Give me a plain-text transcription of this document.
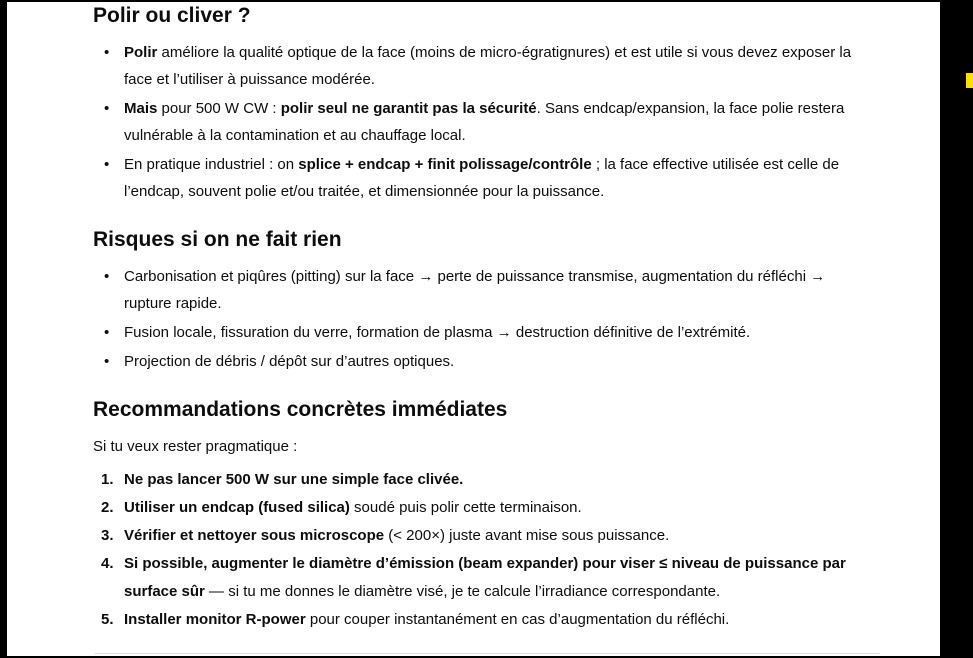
Polir ou cliver ?
• Polir améliore la qualité optique de la face (moins de micro-égratignures) et est utile si vous devez exposer la face et l’utiliser à puissance modérée.
• Mais pour 500 W CW : polir seul ne garantit pas la sécurité. Sans endcap/expansion, la face polie restera vulnérable à la contamination et au chauffage local.
• En pratique industriel : on splice + endcap + finit polissage/contrôle ; la face effective utilisée est celle de l’endcap, souvent polie et/ou traitée, et dimensionnée pour la puissance.
Risques si on ne fait rien
• Carbonisation et piqûres (pitting) sur la face → perte de puissance transmise, augmentation du réfléchi → rupture rapide.
• Fusion locale, fissuration du verre, formation de plasma → destruction définitive de l’extrémité.
• Projection de débris / dépôt sur d’autres optiques.
Recommandations concrètes immédiates

Si tu veux rester pragmatique :

1. Ne pas lancer 500 W sur une simple face clivée.
2. Utiliser un endcap (fused silica) soudé puis polir cette terminaison.
3. Vérifier et nettoyer sous microscope (< 200×) juste avant mise sous puissance.
4. Si possible, augmenter le diamètre d’émission (beam expander) pour viser ≤ niveau de puissance par surface sûr — si tu me donnes le diamètre visé, je te calcule l’irradiance correspondante.
5. Installer monitor R-power pour couper instantanément en cas d’augmentation du réfléchi.
